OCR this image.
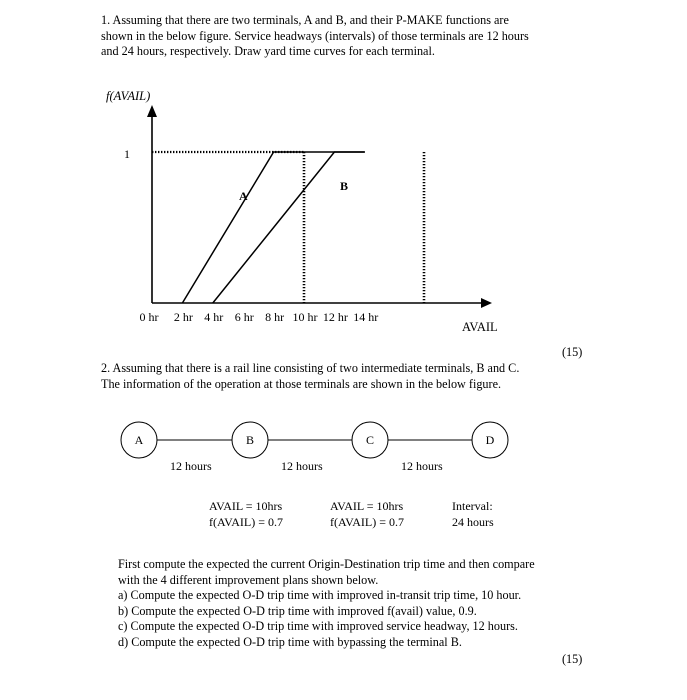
1. Assuming that there are two terminals, A and B, and their P-MAKE functions are
shown in the below figure. Service headways (intervals) of those terminals are 12 hours
and 24 hours, respectively. Draw yard time curves for each terminal.
f(AVAIL)
1
A
B
0 hr 2 hr 4 hr 6 hr 8 hr 10 hr 12 hr 14 hr
AVAIL
(15)
2. Assuming that there is a rail line consisting of two intermediate terminals, B and C.
The information of the operation at those terminals are shown in the below figure.
A	B	C	D
12 hours	12 hours	12 hours
AVAIL = 10hrs
f(AVAIL) = 0.7
AVAIL = 10hrs
f(AVAIL) = 0.7
Interval:
24 hours
First compute the expected the current Origin-Destination trip time and then compare
with the 4 different improvement plans shown below.
a) Compute the expected O-D trip time with improved in-transit trip time, 10 hour.
b) Compute the expected O-D trip time with improved f(avail) value, 0.9.
c) Compute the expected O-D trip time with improved service headway, 12 hours.
d) Compute the expected O-D trip time with bypassing the terminal B.
(15)
